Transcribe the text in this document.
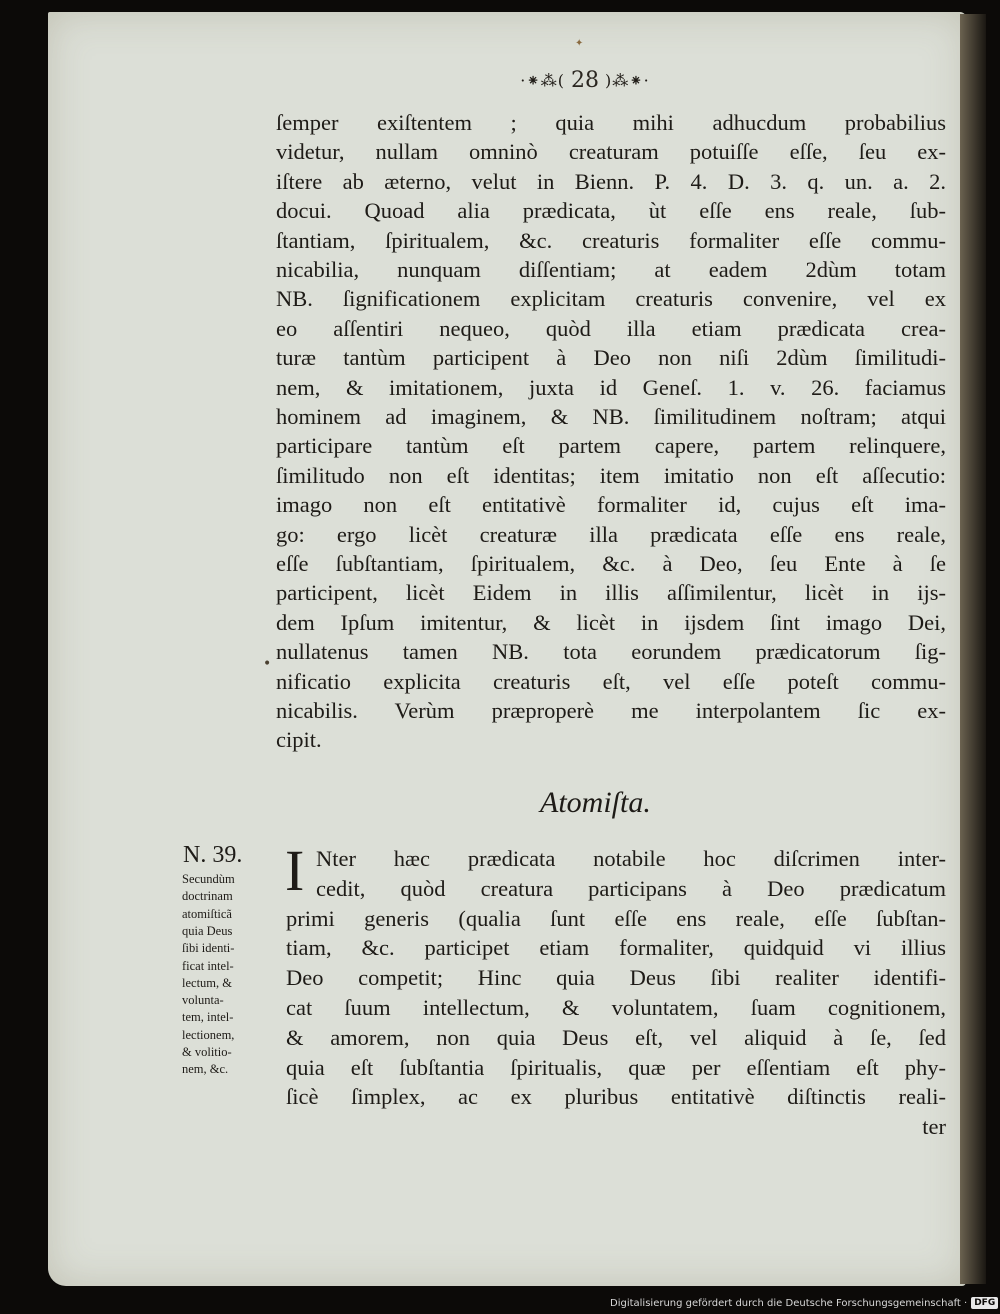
✦
·⁕⁂( 28 )⁂⁕·
ſemper exiſtentem ; quia mihi adhucdum probabilius
videtur, nullam omninò creaturam potuiſſe eſſe, ſeu ex-
iſtere ab æterno, velut in Bienn. P. 4. D. 3. q. un. a. 2.
docui. Quoad alia prædicata, ùt eſſe ens reale, ſub-
ſtantiam, ſpiritualem, &c. creaturis formaliter eſſe commu-
nicabilia, nunquam diſſentiam; at eadem 2dùm totam
NB. ſignificationem explicitam creaturis convenire, vel ex
eo aſſentiri nequeo, quòd illa etiam prædicata crea-
turæ tantùm participent à Deo non niſi 2dùm ſimilitudi-
nem, & imitationem, juxta id Geneſ. 1. v. 26. faciamus
hominem ad imaginem, & NB. ſimilitudinem noſtram; atqui
participare tantùm eſt partem capere, partem relinquere,
ſimilitudo non eſt identitas; item imitatio non eſt aſſecutio:
imago non eſt entitativè formaliter id, cujus eſt ima-
go: ergo licèt creaturæ illa prædicata eſſe ens reale,
eſſe ſubſtantiam, ſpiritualem, &c. à Deo, ſeu Ente à ſe
participent, licèt Eidem in illis aſſimilentur, licèt in ijs-
dem Ipſum imitentur, & licèt in ijsdem ſint imago Dei,
nullatenus tamen NB. tota eorundem prædicatorum ſig-
nificatio explicita creaturis eſt, vel eſſe poteſt commu-
nicabilis. Verùm præproperè me interpolantem ſic ex-
cipit.
Atomiſta.
I Nter hæc prædicata notabile hoc diſcrimen inter-
cedit, quòd creatura participans à Deo prædicatum
primi generis (qualia ſunt eſſe ens reale, eſſe ſubſtan-
tiam, &c. participet etiam formaliter, quidquid vi illius
Deo competit; Hinc quia Deus ſibi realiter identifi-
cat ſuum intellectum, & voluntatem, ſuam cognitionem,
& amorem, non quia Deus eſt, vel aliquid à ſe, ſed
quia eſt ſubſtantia ſpiritualis, quæ per eſſentiam eſt phy-
ſicè ſimplex, ac ex pluribus entitativè diſtinctis reali-
ter
N. 39.
Secundùm
doctrinam
atomiſticã
quia Deus
ſibi identi-
ficat intel-
lectum, &
volunta-
tem, intel-
lectionem,
& volitio-
nem, &c.
•
Digitalisierung gefördert durch die Deutsche Forschungsgemeinschaft · DFG
